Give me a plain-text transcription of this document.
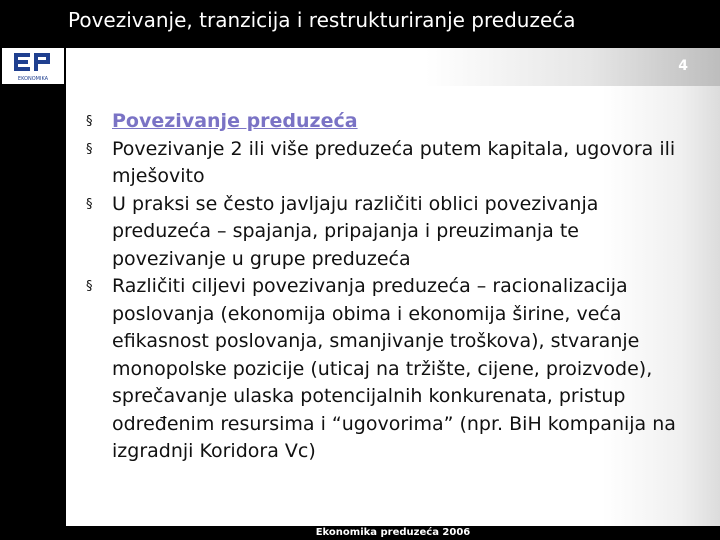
Povezivanje, tranzicija i restrukturiranje preduzeća
EKONOMIKA
4
§ Povezivanje preduzeća
§ Povezivanje 2 ili više preduzeća putem kapitala, ugovora ili mješovito
§ U praksi se često javljaju različiti oblici povezivanja preduzeća – spajanja, pripajanja i preuzimanja te povezivanje u grupe preduzeća
§ Različiti ciljevi povezivanja preduzeća – racionalizacija poslovanja (ekonomija obima i ekonomija širine, veća efikasnost poslovanja, smanjivanje troškova), stvaranje monopolske pozicije (uticaj na tržište, cijene, proizvode), sprečavanje ulaska potencijalnih konkurenata, pristup određenim resursima i “ugovorima” (npr. BiH kompanija na izgradnji Koridora Vc)
Ekonomika preduzeća 2006
